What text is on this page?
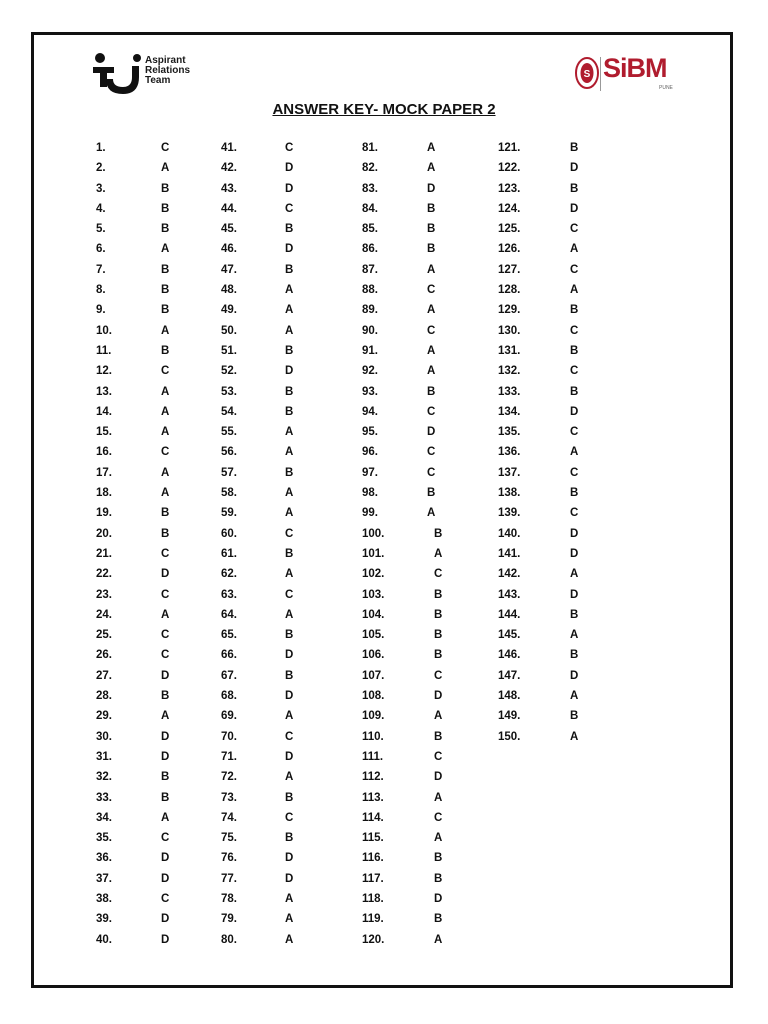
Aspirant
Relations
Team
S SiBM
PUNE
ANSWER KEY- MOCK PAPER 2
1.	C
2.	A
3.	B
4.	B
5.	B
6.	A
7.	B
8.	B
9.	B
10.	A
11.	B
12.	C
13.	A
14.	A
15.	A
16.	C
17.	A
18.	A
19.	B
20.	B
21.	C
22.	D
23.	C
24.	A
25.	C
26.	C
27.	D
28.	B
29.	A
30.	D
31.	D
32.	B
33.	B
34.	A
35.	C
36.	D
37.	D
38.	C
39.	D
40.	D
41.	C
42.	D
43.	D
44.	C
45.	B
46.	D
47.	B
48.	A
49.	A
50.	A
51.	B
52.	D
53.	B
54.	B
55.	A
56.	A
57.	B
58.	A
59.	A
60.	C
61.	B
62.	A
63.	C
64.	A
65.	B
66.	D
67.	B
68.	D
69.	A
70.	C
71.	D
72.	A
73.	B
74.	C
75.	B
76.	D
77.	D
78.	A
79.	A
80.	A
81.	A
82.	A
83.	D
84.	B
85.	B
86.	B
87.	A
88.	C
89.	A
90.	C
91.	A
92.	A
93.	B
94.	C
95.	D
96.	C
97.	C
98.	B
99.	A
100.	B
101.	A
102.	C
103.	B
104.	B
105.	B
106.	B
107.	C
108.	D
109.	A
110.	B
111.	C
112.	D
113.	A
114.	C
115.	A
116.	B
117.	B
118.	D
119.	B
120.	A
121.	B
122.	D
123.	B
124.	D
125.	C
126.	A
127.	C
128.	A
129.	B
130.	C
131.	B
132.	C
133.	B
134.	D
135.	C
136.	A
137.	C
138.	B
139.	C
140.	D
141.	D
142.	A
143.	D
144.	B
145.	A
146.	B
147.	D
148.	A
149.	B
150.	A
